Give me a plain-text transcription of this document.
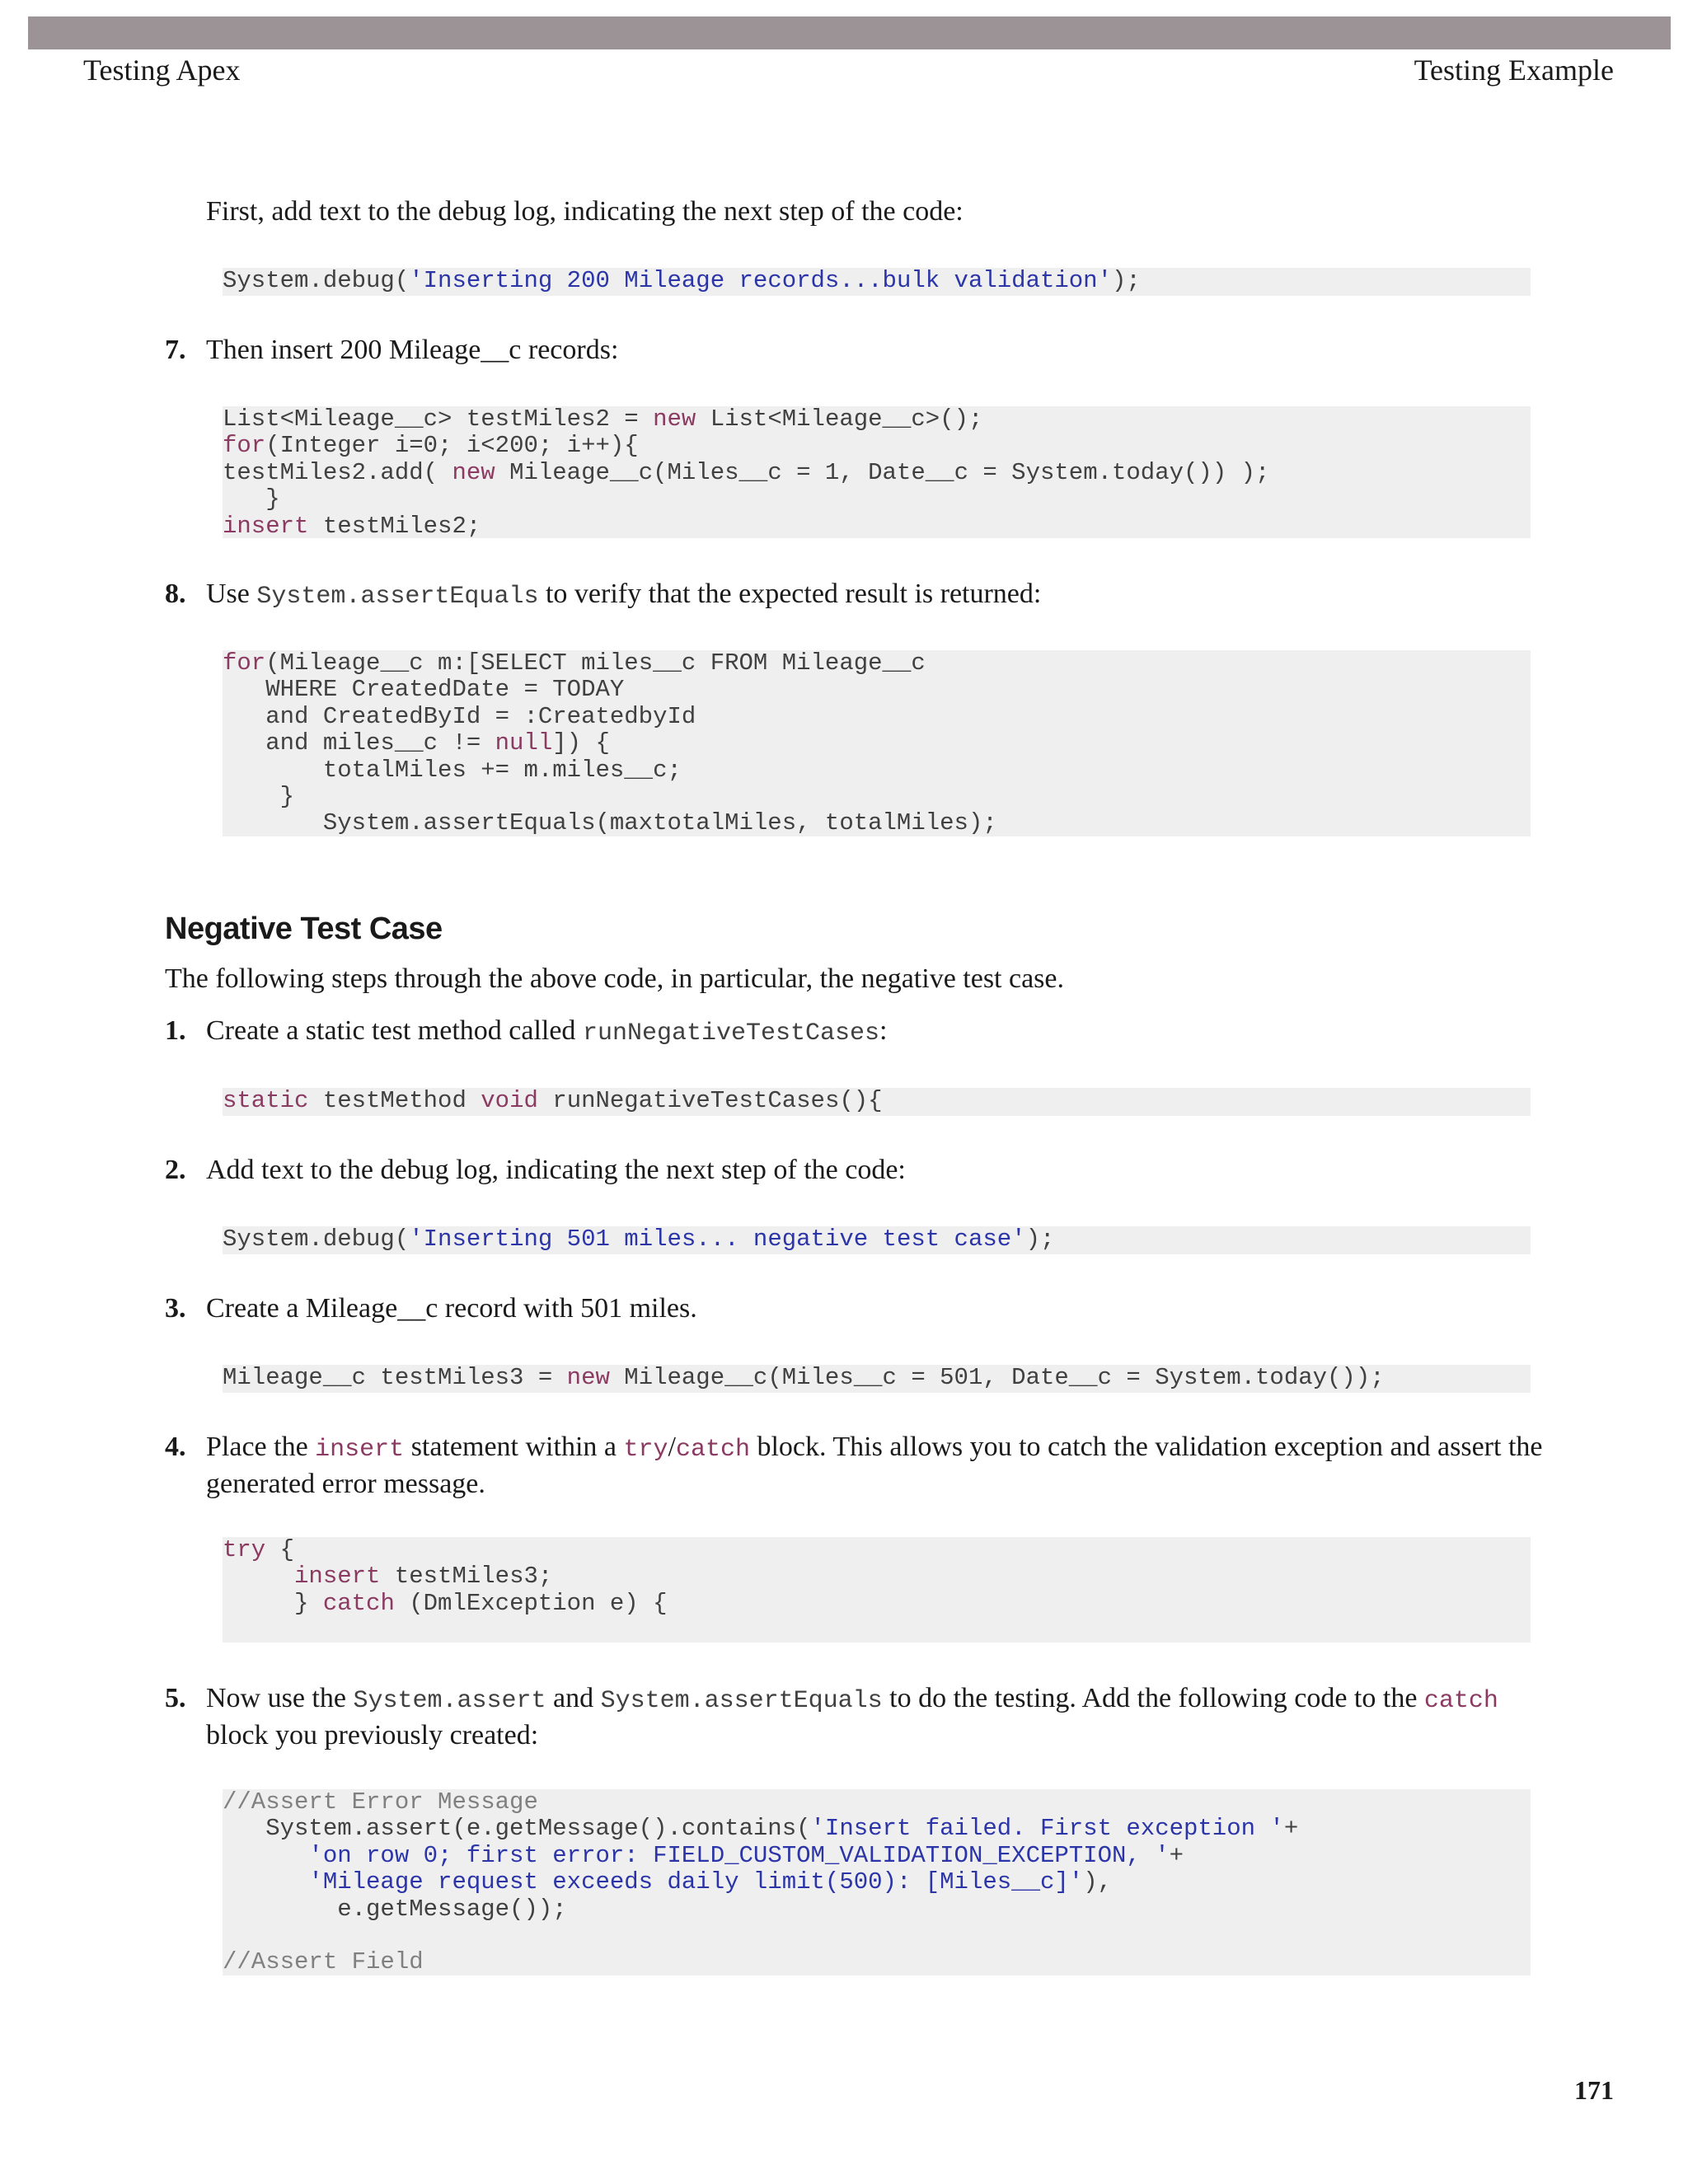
Testing Apex	Testing Example
First, add text to the debug log, indicating the next step of the code:
System.debug('Inserting 200 Mileage records...bulk validation');
7. Then insert 200 Mileage__c records:
List<Mileage__c> testMiles2 = new List<Mileage__c>();
for(Integer i=0; i<200; i++){
testMiles2.add( new Mileage__c(Miles__c = 1, Date__c = System.today()) );
}
insert testMiles2;
8. Use System.assertEquals to verify that the expected result is returned:
for(Mileage__c m:[SELECT miles__c FROM Mileage__c
WHERE CreatedDate = TODAY
and CreatedById = :CreatedbyId
and miles__c != null]) {
totalMiles += m.miles__c;
}
System.assertEquals(maxtotalMiles, totalMiles);
Negative Test Case
The following steps through the above code, in particular, the negative test case.
1. Create a static test method called runNegativeTestCases:
static testMethod void runNegativeTestCases(){
2. Add text to the debug log, indicating the next step of the code:
System.debug('Inserting 501 miles... negative test case');
3. Create a Mileage__c record with 501 miles.
Mileage__c testMiles3 = new Mileage__c(Miles__c = 501, Date__c = System.today());
4. Place the insert statement within a try/catch block. This allows you to catch the validation exception and assert the generated error message.
try {
insert testMiles3;
} catch (DmlException e) {
5. Now use the System.assert and System.assertEquals to do the testing. Add the following code to the catch block you previously created:
//Assert Error Message
System.assert(e.getMessage().contains('Insert failed. First exception '+
'on row 0; first error: FIELD_CUSTOM_VALIDATION_EXCEPTION, '+
'Mileage request exceeds daily limit(500): [Miles__c]'),
e.getMessage());

//Assert Field
171
